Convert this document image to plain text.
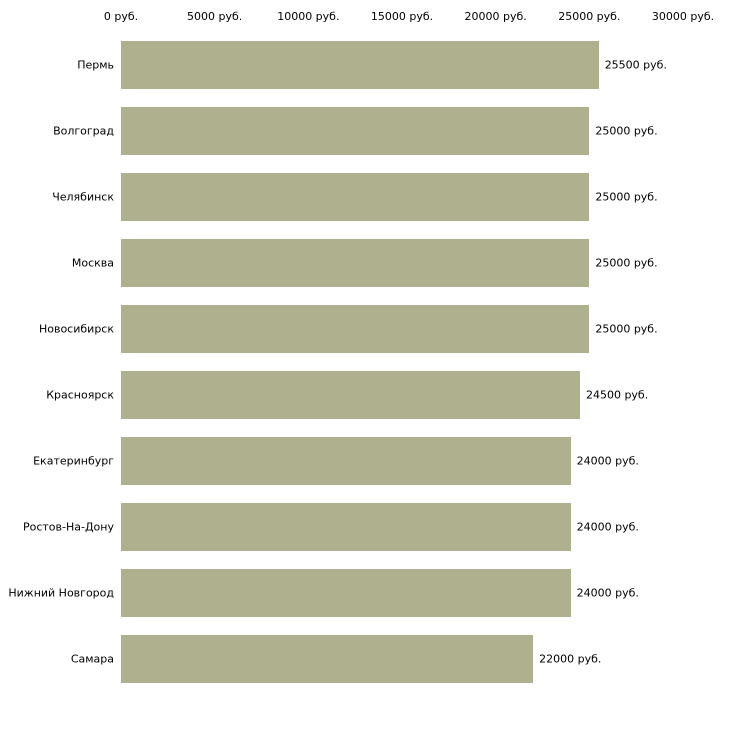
0 руб.	5000 руб.	10000 руб.	15000 руб.	20000 руб.	25000 руб.	30000 руб.
Пермь	25500 руб.
Волгоград	25000 руб.
Челябинск	25000 руб.
Москва	25000 руб.
Новосибирск	25000 руб.
Красноярск	24500 руб.
Екатеринбург	24000 руб.
Ростов-На-Дону	24000 руб.
Нижний Новгород	24000 руб.
Самара	22000 руб.
